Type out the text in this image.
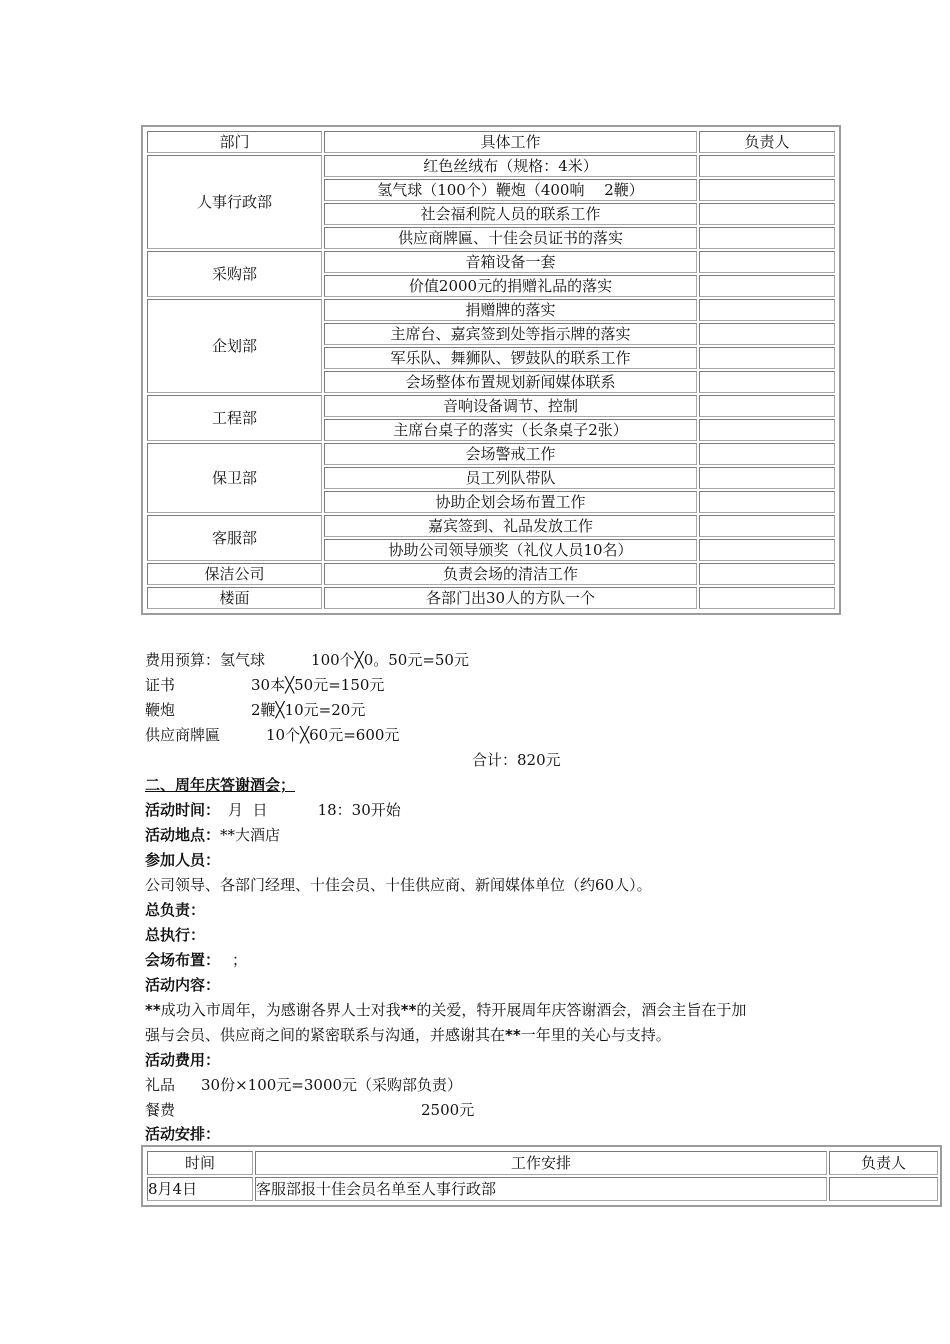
部门	具体工作	负责人
人事行政部	红色丝绒布（规格：4米）	
	氢气球（100个）鞭炮（400响　 2鞭）	
	社会福利院人员的联系工作	
	供应商牌匾、十佳会员证书的落实	
采购部	音箱设备一套	
	价值2000元的捐赠礼品的落实	
企划部	捐赠牌的落实	
	主席台、嘉宾签到处等指示牌的落实	
	军乐队、舞狮队、锣鼓队的联系工作	
	会场整体布置规划新闻媒体联系	
工程部	音响设备调节、控制	
	主席台桌子的落实（长条桌子2张）	
保卫部	会场警戒工作	
	员工列队带队	
	协助企划会场布置工作	
客服部	嘉宾签到、礼品发放工作	
	协助公司领导颁奖（礼仪人员10名）	
保洁公司	负责会场的清洁工作	
楼面	各部门出30人的方队一个	
费用预算：氢气球	100个╳0。50元=50元
证书	30本╳50元=150元
鞭炮	2鞭╳10元=20元
供应商牌匾	10个╳60元=600元
合计：820元
二、周年庆答谢酒会；
活动时间： 月  日	18：30开始
活动地点：**大酒店
参加人员：
公司领导、各部门经理、十佳会员、十佳供应商、新闻媒体单位（约60人）。
总负责：
总执行：
会场布置： ；
活动内容：
**成功入市周年，为感谢各界人士对我**的关爱，特开展周年庆答谢酒会，酒会主旨在于加
强与会员、供应商之间的紧密联系与沟通，并感谢其在**一年里的关心与支持。
活动费用：
礼品 30份×100元=3000元（采购部负责）
餐费	2500元
活动安排：
时间	工作安排	负责人
8月4日	客服部报十佳会员名单至人事行政部	
